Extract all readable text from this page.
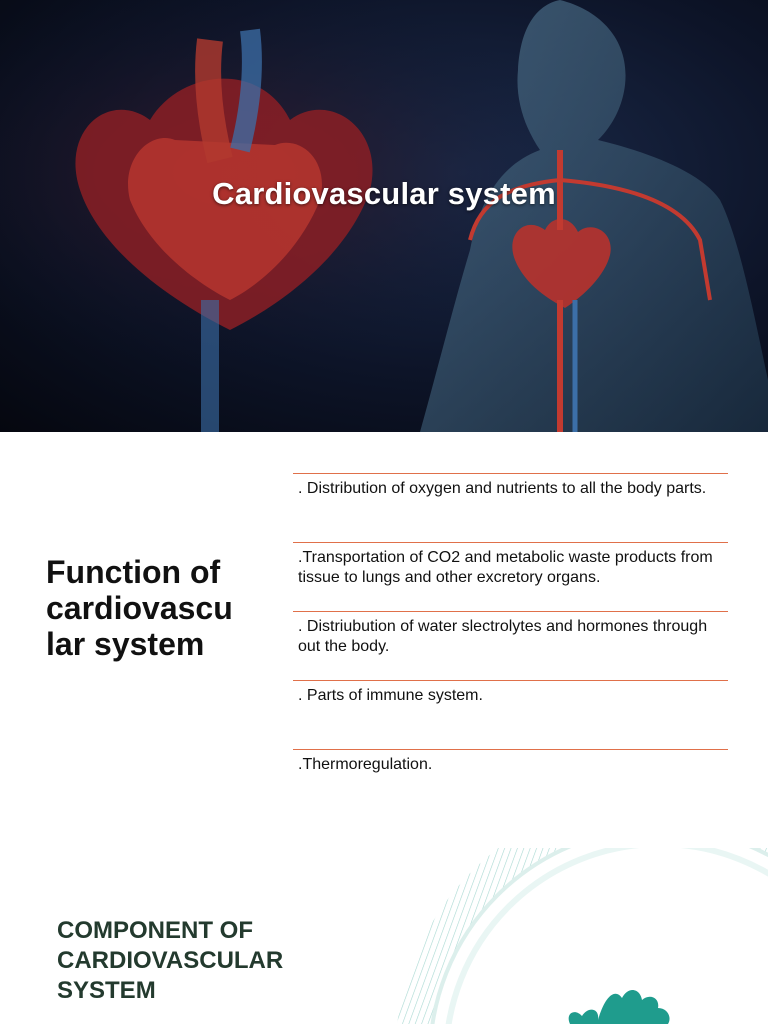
Cardiovascular system
Function of cardiovascu lar system
. Distribution of oxygen and nutrients to all the body parts.
.Transportation of CO2 and metabolic waste products from tissue to lungs and other excretory organs.
. Distriubution of water slectrolytes and hormones through out the body.
. Parts of immune system.
.Thermoregulation.
COMPONENT OF CARDIOVASCULAR SYSTEM
